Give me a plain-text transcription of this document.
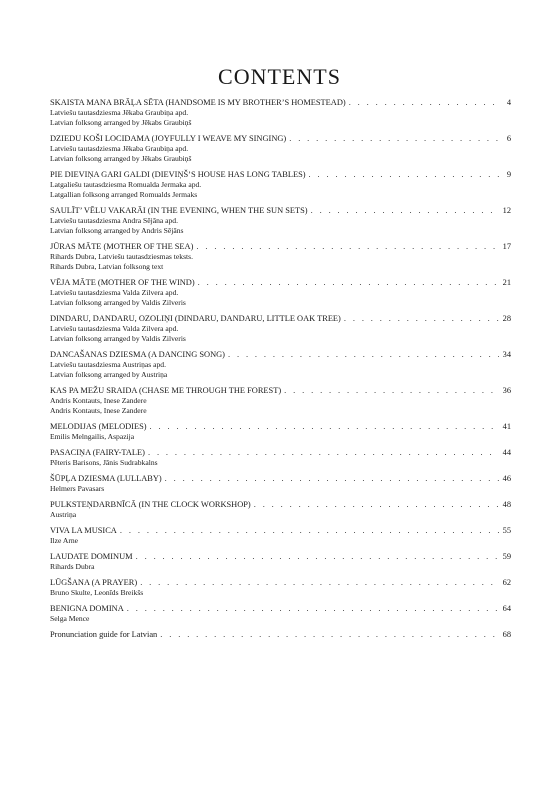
CONTENTS
SKAISTA MANA BRĀĻA SĒTA (HANDSOME IS MY BROTHER’S HOMESTEAD) . . .	4
Latviešu tautasdziesma Jēkaba Graubiņa apd.
Latvian folksong arranged by Jēkabs Graubiņš
DZIEDU KOŠI LOCIDAMA (JOYFULLY I WEAVE MY SINGING) . . .	6
Latviešu tautasdziesma Jēkaba Graubiņa apd.
Latvian folksong arranged by Jēkabs Graubiņš
PIE DIEVIŅA GARI GALDI (DIEVIŅŠ’S HOUSE HAS LONG TABLES) . . .	9
Latgaliešu tautasdziesma Romualda Jermaka apd.
Latgallian folksong arranged Romualds Jermaks
SAULĪT’ VĒLU VAKARĀI (IN THE EVENING, WHEN THE SUN SETS) . . .	12
Latviešu tautasdziesma Andra Sējāna apd.
Latvian folksong arranged by Andris Sējāns
JŪRAS MĀTE (MOTHER OF THE SEA) . . .	17
Rihards Dubra, Latviešu tautasdziesmas teksts.
Rihards Dubra, Latvian folksong text
VĒJA MĀTE (MOTHER OF THE WIND) . . .	21
Latviešu tautasdziesma Valda Zilvera apd.
Latvian folksong arranged by Valdis Zilveris
DINDARU, DANDARU, OZOLIŅI (DINDARU, DANDARU, LITTLE OAK TREE) . . .	28
Latviešu tautasdziesma Valda Zilvera apd.
Latvian folksong arranged by Valdis Zilveris
DANCAŠANAS DZIESMA (A DANCING SONG) . . .	34
Latviešu tautasdziesma Austriņas apd.
Latvian folksong arranged by Austriņa
KAS PA MEŽU SRAIDA (CHASE ME THROUGH THE FOREST) . . .	36
Andris Kontauts, Inese Zandere
Andris Kontauts, Inese Zandere
MELODIJAS (MELODIES) . . .	41
Emilis Melngailis, Aspazija
PASACIŅA (FAIRY-TALE) . . .	44
Pēteris Barisons, Jānis Sudrabkalns
ŠŪPĻA DZIESMA (LULLABY) . . .	46
Helmers Pavasars
PULKSTEŅDARBNĪCĀ (IN THE CLOCK WORKSHOP) . . .	48
Austriņa
VIVA LA MUSICA . . .	55
Ilze Arne
LAUDATE DOMINUM . . .	59
Rihards Dubra
LŪGŠANA (A PRAYER) . . .	62
Bruno Skulte, Leonīds Breikšs
BENIGNA DOMINA . . .	64
Selga Mence
Pronunciation guide for Latvian . . .	68
